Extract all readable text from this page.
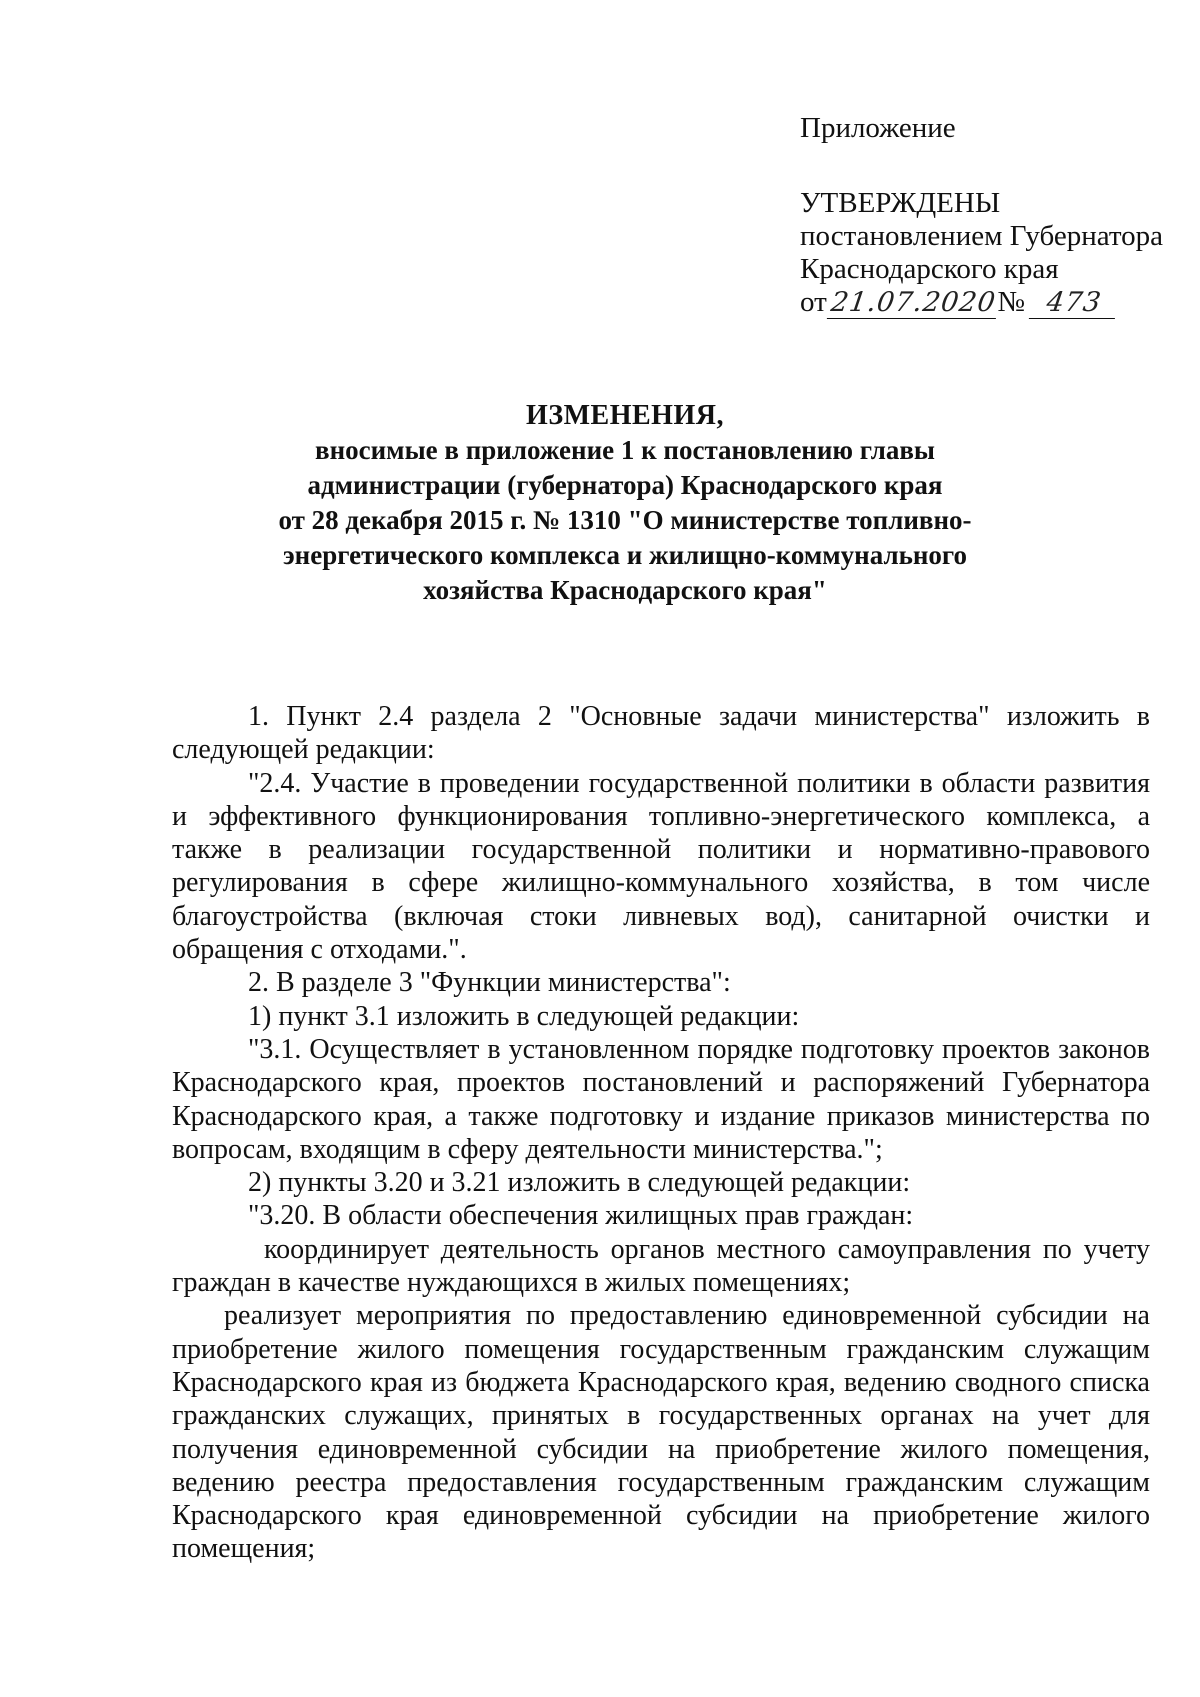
Приложение
УТВЕРЖДЕНЫ
постановлением Губернатора
Краснодарского края
от 21.07.2020 № 473
ИЗМЕНЕНИЯ,
вносимые в приложение 1 к постановлению главы
администрации (губернатора) Краснодарского края
от 28 декабря 2015 г. № 1310 "О министерстве топливно-
энергетического комплекса и жилищно-коммунального
хозяйства Краснодарского края"

1. Пункт 2.4 раздела 2 "Основные задачи министерства" изложить в следующей редакции:

"2.4. Участие в проведении государственной политики в области развития и эффективного функционирования топливно-энергетического комплекса, а также в реализации государственной политики и нормативно-правового регулирования в сфере жилищно-коммунального хозяйства, в том числе благоустройства (включая стоки ливневых вод), санитарной очистки и обращения с отходами.".

2. В разделе 3 "Функции министерства":

1) пункт 3.1 изложить в следующей редакции:

"3.1. Осуществляет в установленном порядке подготовку проектов законов Краснодарского края, проектов постановлений и распоряжений Губернатора Краснодарского края, а также подготовку и издание приказов министерства по вопросам, входящим в сферу деятельности министерства.";

2) пункты 3.20 и 3.21 изложить в следующей редакции:

"3.20. В области обеспечения жилищных прав граждан:

координирует деятельность органов местного самоуправления по учету граждан в качестве нуждающихся в жилых помещениях;

реализует мероприятия по предоставлению единовременной субсидии на приобретение жилого помещения государственным гражданским служащим Краснодарского края из бюджета Краснодарского края, ведению сводного списка гражданских служащих, принятых в государственных органах на учет для получения единовременной субсидии на приобретение жилого помещения, ведению реестра предоставления государственным гражданским служащим Краснодарского края единовременной субсидии на приобретение жилого помещения;
